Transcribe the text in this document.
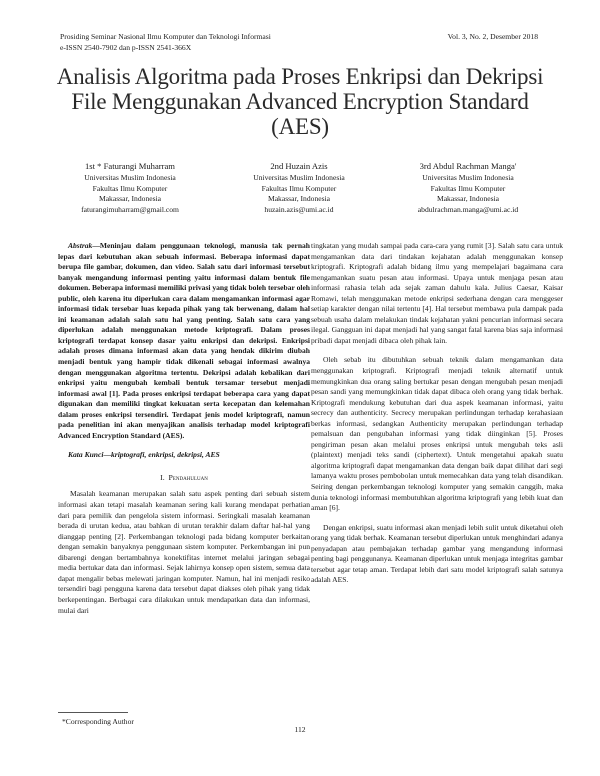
Prosiding Seminar Nasional Ilmu Komputer dan Teknologi Informasi
e-ISSN 2540-7902 dan p-ISSN 2541-366X
Vol. 3, No. 2, Desember 2018
Analisis Algoritma pada Proses Enkripsi dan Dekripsi
File Menggunakan Advanced Encryption Standard
(AES)
1st * Faturangi Muharram
Universitas Muslim Indonesia
Fakultas Ilmu Komputer
Makassar, Indonesia
faturangimuharram@gmail.com
2nd Huzain Azis
Universitas Muslim Indonesia
Fakultas Ilmu Komputer
Makassar, Indonesia
huzain.azis@umi.ac.id
3rd Abdul Rachman Manga'
Universitas Muslim Indonesia
Fakultas Ilmu Komputer
Makassar, Indonesia
abdulrachman.manga@umi.ac.id

Abstrak—Meninjau dalam penggunaan teknologi, manusia tak pernah lepas dari kebutuhan akan sebuah informasi. Beberapa informasi dapat berupa file gambar, dokumen, dan video. Salah satu dari informasi tersebut banyak mengandung informasi penting yaitu informasi dalam bentuk file dokumen. Beberapa informasi memiliki privasi yang tidak boleh tersebar oleh public, oleh karena itu diperlukan cara dalam mengamankan informasi agar informasi tidak tersebar luas kepada pihak yang tak berwenang, dalam hal ini keamanan adalah salah satu hal yang penting. Salah satu cara yang diperlukan adalah menggunakan metode kriptografi. Dalam proses kriptografi terdapat konsep dasar yaitu enkripsi dan dekripsi. Enkripsi adalah proses dimana informasi akan data yang hendak dikirim diubah menjadi bentuk yang hampir tidak dikenali sebagai informasi awalnya dengan menggunakan algoritma tertentu. Dekripsi adalah kebalikan dari enkripsi yaitu mengubah kembali bentuk tersamar tersebut menjadi informasi awal [1]. Pada proses enkripsi terdapat beberapa cara yang dapat digunakan dan memiliki tingkat kekuatan serta kecepatan dan kelemahan dalam proses enkripsi tersendiri. Terdapat jenis model kriptografi, namun pada penelitian ini akan menyajikan analisis terhadap model kriptografi Advanced Encryption Standard (AES).

Kata Kunci—kriptografi, enkripsi, dekripsi, AES

I. Pendahuluan

Masalah keamanan merupakan salah satu aspek penting dari sebuah sistem informasi akan tetapi masalah keamanan sering kali kurang mendapat perhatian dari para pemilik dan pengelola sistem informasi. Seringkali masalah keamanan berada di urutan kedua, atau bahkan di urutan terakhir dalam daftar hal-hal yang dianggap penting [2]. Perkembangan teknologi pada bidang komputer berkaitan dengan semakin banyaknya penggunaan sistem komputer. Perkembangan ini pun dibarengi dengan bertambahnya konektifitas internet melalui jaringan sebagai media bertukar data dan informasi. Sejak lahirnya konsep open sistem, semua data dapat mengalir bebas melewati jaringan komputer. Namun, hal ini menjadi resiko tersendiri bagi pengguna karena data tersebut dapat diakses oleh pihak yang tidak berkepentingan. Berbagai cara dilakukan untuk mendapatkan data dan informasi, mulai dari

tingkatan yang mudah sampai pada cara-cara yang rumit [3]. Salah satu cara untuk mengamankan data dari tindakan kejahatan adalah menggunakan konsep kriptografi. Kriptografi adalah bidang ilmu yang mempelajari bagaimana cara mengamankan suatu pesan atau informasi. Upaya untuk menjaga pesan atau informasi rahasia telah ada sejak zaman dahulu kala. Julius Caesar, Kaisar Romawi, telah menggunakan metode enkripsi sederhana dengan cara menggeser setiap karakter dengan nilai tertentu [4]. Hal tersebut membawa pula dampak pada sebuah usaha dalam melakukan tindak kejahatan yakni pencurian informasi secara ilegal. Gangguan ini dapat menjadi hal yang sangat fatal karena bias saja informasi pribadi dapat menjadi dibaca oleh pihak lain.

Oleh sebab itu dibutuhkan sebuah teknik dalam mengamankan data menggunakan kriptografi. Kriptografi menjadi teknik alternatif untuk memungkinkan dua orang saling bertukar pesan dengan mengubah pesan menjadi pesan sandi yang memungkinkan tidak dapat dibaca oleh orang yang tidak berhak. Kriptografi mendukung kebutuhan dari dua aspek keamanan informasi, yaitu secrecy dan authenticity. Secrecy merupakan perlindungan terhadap kerahasiaan berkas informasi, sedangkan Authenticity merupakan perlindungan terhadap pemalsuan dan pengubahan informasi yang tidak diinginkan [5]. Proses pengiriman pesan akan melalui proses enkripsi untuk mengubah teks asli (plaintext) menjadi teks sandi (ciphertext). Untuk mengetahui apakah suatu algoritma kriptografi dapat mengamankan data dengan baik dapat dilihat dari segi lamanya waktu proses pembobolan untuk memecahkan data yang telah disandikan. Seiring dengan perkembangan teknologi komputer yang semakin canggih, maka dunia teknologi informasi membutuhkan algoritma kriptografi yang lebih kuat dan aman [6].

Dengan enkripsi, suatu informasi akan menjadi lebih sulit untuk diketahui oleh orang yang tidak berhak. Keamanan tersebut diperlukan untuk menghindari adanya penyadapan atau pembajakan terhadap gambar yang mengandung informasi penting bagi penggunanya. Keamanan diperlukan untuk menjaga integritas gambar tersebut agar tetap aman. Terdapat lebih dari satu model kriptografi salah satunya adalah AES.

*Corresponding Author
112
